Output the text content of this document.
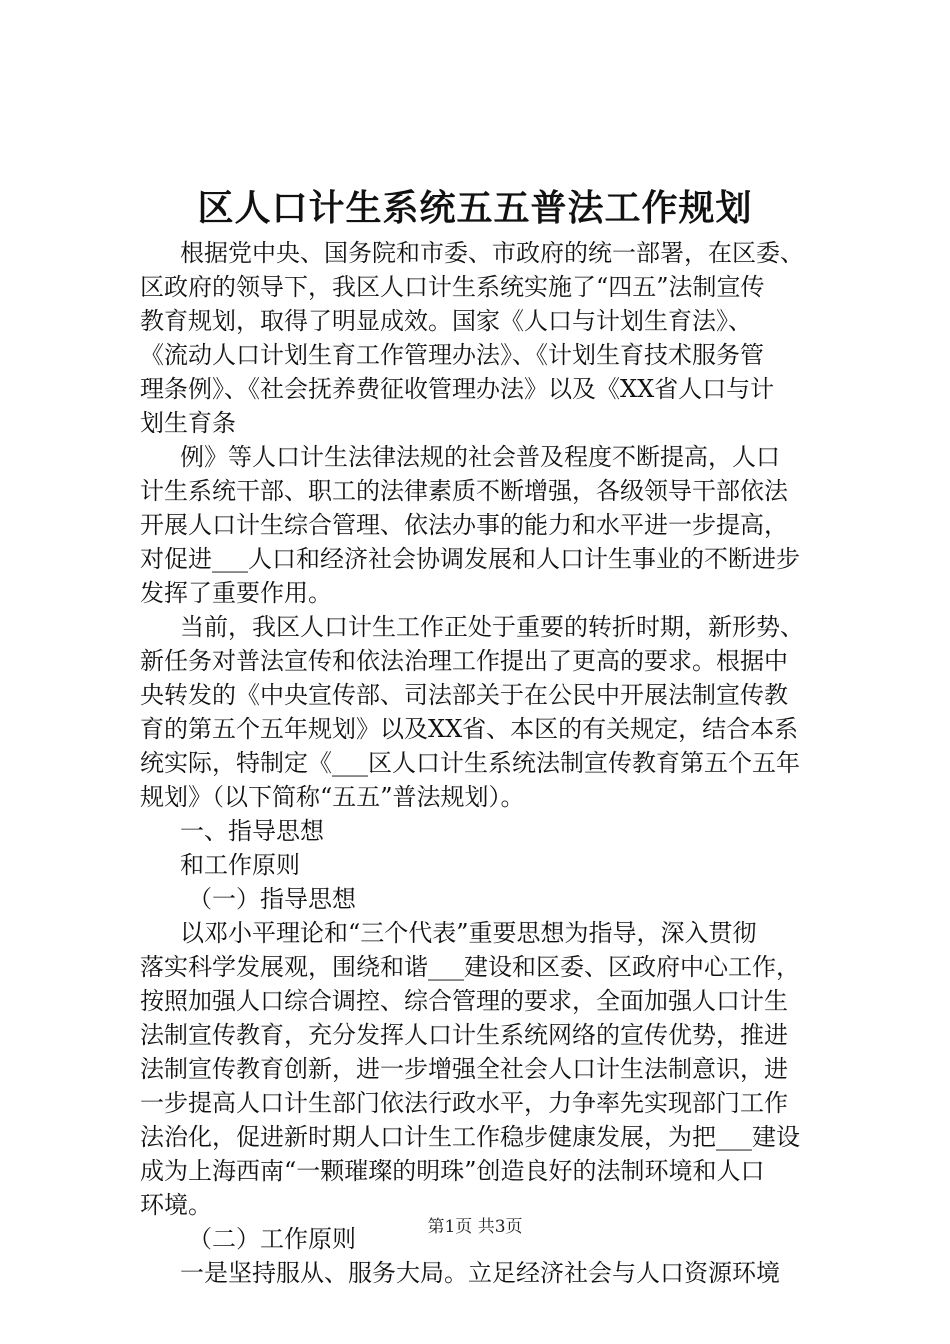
区人口计生系统五五普法工作规划
根据党中央、国务院和市委、市政府的统一部署，在区委、
区政府的领导下，我区人口计生系统实施了“四五”法制宣传
教育规划，取得了明显成效。国家《人口与计划生育法》、
《流动人口计划生育工作管理办法》、《计划生育技术服务管
理条例》、《社会抚养费征收管理办法》以及《XX省人口与计
划生育条
例》等人口计生法律法规的社会普及程度不断提高，人口
计生系统干部、职工的法律素质不断增强，各级领导干部依法
开展人口计生综合管理、依法办事的能力和水平进一步提高，
对促进___人口和经济社会协调发展和人口计生事业的不断进步
发挥了重要作用。
当前，我区人口计生工作正处于重要的转折时期，新形势、
新任务对普法宣传和依法治理工作提出了更高的要求。根据中
央转发的《中央宣传部、司法部关于在公民中开展法制宣传教
育的第五个五年规划》以及XX省、本区的有关规定，结合本系
统实际，特制定《___区人口计生系统法制宣传教育第五个五年
规划》（以下简称“五五”普法规划）。
一、指导思想
和工作原则
（一）指导思想
以邓小平理论和“三个代表”重要思想为指导，深入贯彻
落实科学发展观，围绕和谐___建设和区委、区政府中心工作，
按照加强人口综合调控、综合管理的要求，全面加强人口计生
法制宣传教育，充分发挥人口计生系统网络的宣传优势，推进
法制宣传教育创新，进一步增强全社会人口计生法制意识，进
一步提高人口计生部门依法行政水平，力争率先实现部门工作
法治化，促进新时期人口计生工作稳步健康发展，为把___建设
成为上海西南“一颗璀璨的明珠”创造良好的法制环境和人口
环境。
（二）工作原则
一是坚持服从、服务大局。立足经济社会与人口资源环境
第1页 共3页
